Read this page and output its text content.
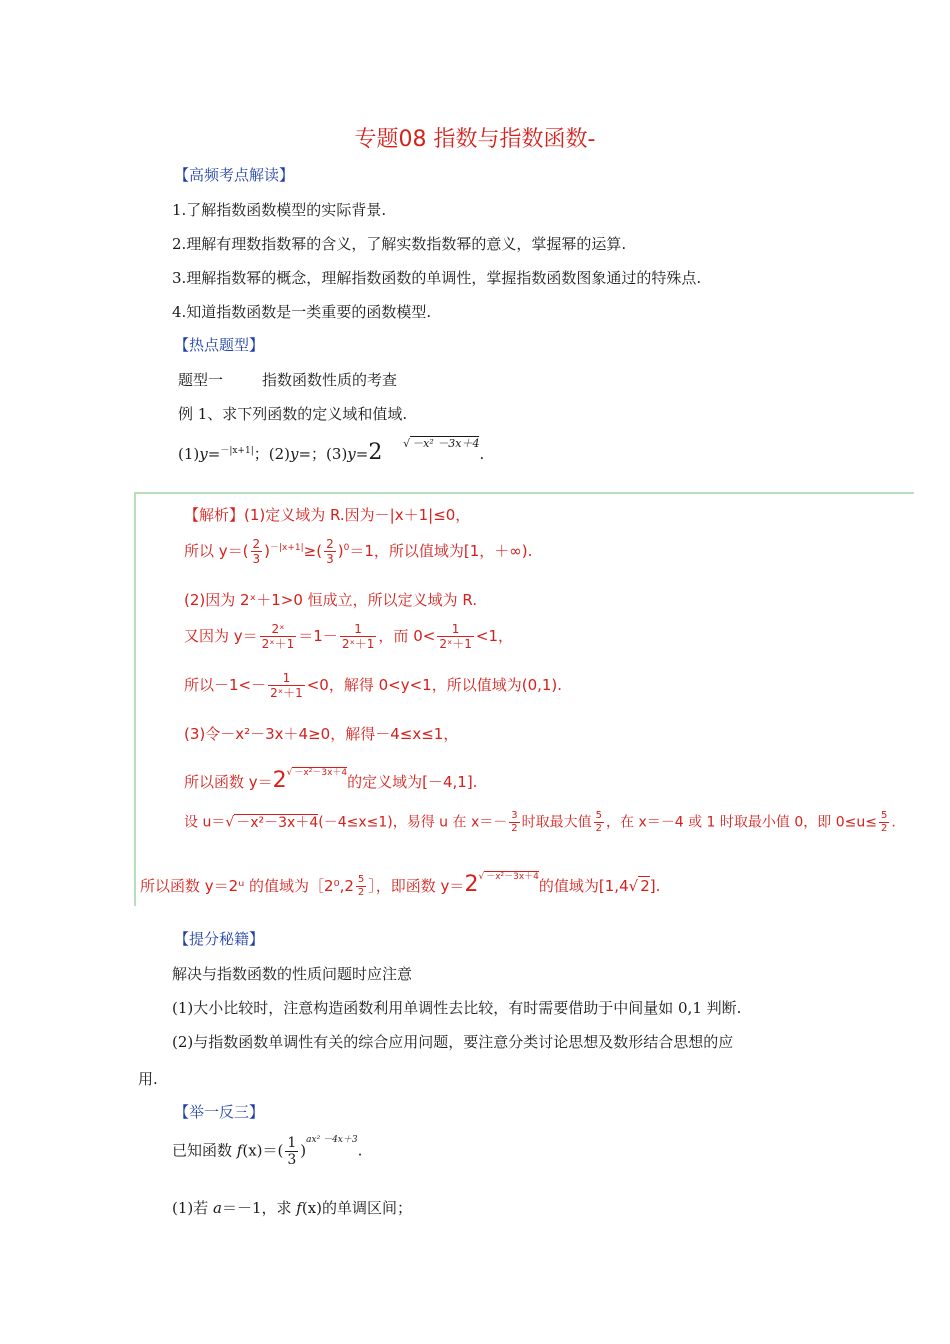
专题08 指数与指数函数-
【高频考点解读】
1.了解指数函数模型的实际背景.
2.理解有理数指数幂的含义，了解实数指数幂的意义，掌握幂的运算.
3.理解指数幂的概念，理解指数函数的单调性，掌握指数函数图象通过的特殊点.
4.知道指数函数是一类重要的函数模型.
【热点题型】
题型一	指数函数性质的考查
例 1、求下列函数的定义域和值域.
(1)y=$^{-|x+1|}$；(2)y=；(3)y=2 $^{√ -x^2 -3x+4}$.
【解析】(1)定义域为 R.因为－|x＋1|≤0，
所以 $y=( \frac{2}{3} )^{-|x+1|}\ge( \frac{2}{3} )^0=1$，所以值域为[1，＋∞).
(2)因为 2ˣ＋1>0 恒成立，所以定义域为 R.
又因为 $y= \frac{\text{2ˣ}}{\text{2ˣ＋1}} =1- \frac{1}{\text{2ˣ＋1}}$ ，而 $0< \frac{1}{\text{2ˣ＋1}} <1$，
所以$-1<- \frac{1}{\text{2ˣ＋1}} <0$，解得 0<y<1，所以值域为(0,1).
(3)令－x²－3x＋4≥0，解得－4≤x≤1，
所以函数 $y=2^{√ -x^2-3x+4}$的定义域为[－4,1].
设 u＝√ －x²－3x＋4(－4≤x≤1)，易得 u 在 $x=- \frac{3}{2}$ 时取最大值 $\frac{5}{2}$ ，在 x＝－4 或 1 时取最小值 0，即 $0\le u\le \frac{5}{2}$ .
所以函数 y＝2ᵘ 的值域为［2⁰,2 $\frac{5}{2}$ ］，即函数 $y=2^{√ -x^2-3x+4}$的值域为[1,4√ 2].
【提分秘籍】
解决与指数函数的性质问题时应注意
(1)大小比较时，注意构造函数利用单调性去比较，有时需要借助于中间量如 0,1 判断.
(2)与指数函数单调性有关的综合应用问题，要注意分类讨论思想及数形结合思想的应
用.
【举一反三】
已知函数 $f(x)=( \frac{1}{3} )^{ax^2 -4x+3}$.
(1)若 a＝－1，求 f(x)的单调区间；
